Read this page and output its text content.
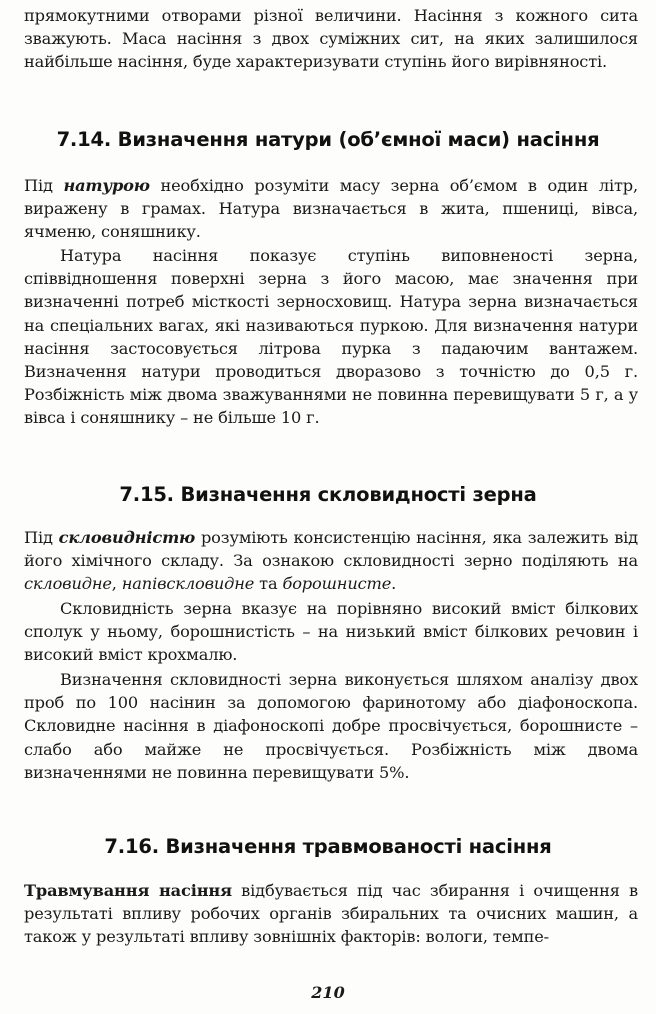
прямокутними отворами різної величини. Насіння з кожного сита зважують. Маса насіння з двох суміжних сит, на яких залишилося найбільше насіння, буде характеризувати ступінь його вирівняності.

7.14. Визначення натури (об’ємної маси) насіння

Під натурою необхідно розуміти масу зерна об’ємом в один літр, виражену в грамах. Натура визначається в жита, пшениці, вівса, ячменю, соняшнику.

Натура насіння показує ступінь виповненості зерна, співвідношення поверхні зерна з його масою, має значення при визначенні потреб місткості зерносховищ. Натура зерна визначається на спеціальних вагах, які називаються пуркою. Для визначення натури насіння застосовується літрова пурка з падаючим вантажем. Визначення натури проводиться дворазово з точністю до 0,5 г. Розбіжність між двома зважуваннями не повинна перевищувати 5 г, а у вівса і соняшнику – не більше 10 г.

7.15. Визначення скловидності зерна

Під скловидністю розуміють консистенцію насіння, яка залежить від його хімічного складу. За ознакою скловидності зерно поділяють на скловидне, напівскловидне та борошнисте.

Скловидність зерна вказує на порівняно високий вміст білкових сполук у ньому, борошнистість – на низький вміст білкових речовин і високий вміст крохмалю.

Визначення скловидності зерна виконується шляхом аналізу двох проб по 100 насінин за допомогою фаринотому або діафоноскопа. Скловидне насіння в діафоноскопі добре просвічується, борошнисте – слабо або майже не просвічується. Розбіжність між двома визначеннями не повинна перевищувати 5%.

7.16. Визначення травмованості насіння

Травмування насіння відбувається під час збирання і очищення в результаті впливу робочих органів збиральних та очисних машин, а також у результаті впливу зовнішніх факторів: вологи, темпе-

210
